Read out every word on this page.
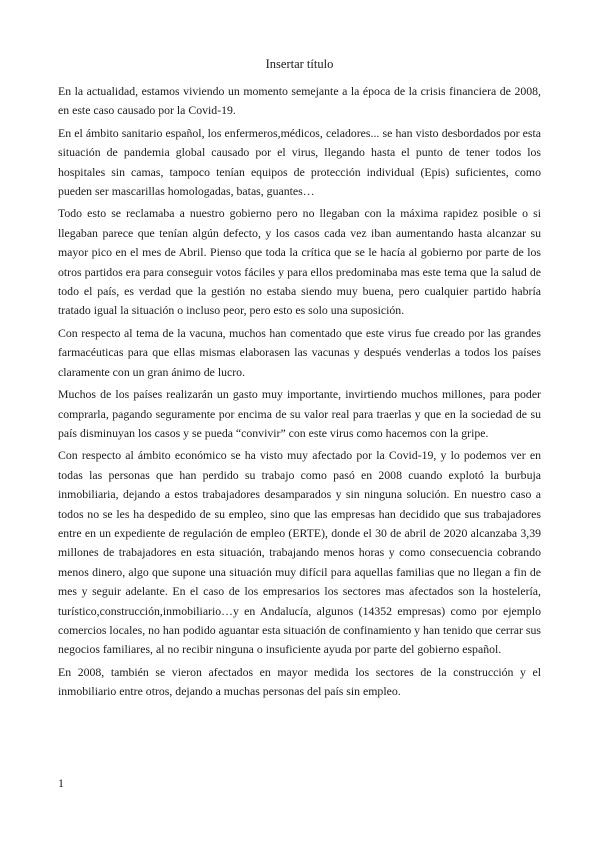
Insertar título

En la actualidad, estamos viviendo un momento semejante a la época de la crisis financiera de 2008, en este caso causado por la Covid-19.

En el ámbito sanitario español, los enfermeros,médicos, celadores... se han visto desbordados por esta situación de pandemia global causado por el virus, llegando hasta el punto de tener todos los hospitales sin camas, tampoco tenían equipos de protección individual (Epis) suficientes, como pueden ser mascarillas homologadas, batas, guantes…

Todo esto se reclamaba a nuestro gobierno pero no llegaban con la máxima rapidez posible o si llegaban parece que tenían algún defecto, y los casos cada vez iban aumentando hasta alcanzar su mayor pico en el mes de Abril. Pienso que toda la crítica que se le hacía al gobierno por parte de los otros partidos era para conseguir votos fáciles y para ellos predominaba mas este tema que la salud de todo el país, es verdad que la gestión no estaba siendo muy buena, pero cualquier partido habría tratado igual la situación o incluso peor, pero esto es solo una suposición.

Con respecto al tema de la vacuna, muchos han comentado que este virus fue creado por las grandes farmacéuticas para que ellas mismas elaborasen las vacunas y después venderlas a todos los países claramente con un gran ánimo de lucro.

Muchos de los países realizarán un gasto muy importante, invirtiendo muchos millones, para poder comprarla, pagando seguramente por encima de su valor real para traerlas y que en la sociedad de su país disminuyan los casos y se pueda “convivir” con este virus como hacemos con la gripe.

Con respecto al ámbito económico se ha visto muy afectado por la Covid-19, y lo podemos ver en todas las personas que han perdido su trabajo como pasó en 2008 cuando explotó la burbuja inmobiliaria, dejando a estos trabajadores desamparados y sin ninguna solución. En nuestro caso a todos no se les ha despedido de su empleo, sino que las empresas han decidido que sus trabajadores entre en un expediente de regulación de empleo (ERTE), donde el 30 de abril de 2020 alcanzaba 3,39 millones de trabajadores en esta situación, trabajando menos horas y como consecuencia cobrando menos dinero, algo que supone una situación muy difícil para aquellas familias que no llegan a fin de mes y seguir adelante. En el caso de los empresarios los sectores mas afectados son la hostelería, turístico,construcción,inmobiliario…y en Andalucía, algunos (14352 empresas) como por ejemplo comercios locales, no han podido aguantar esta situación de confinamiento y han tenido que cerrar sus negocios familiares, al no recibir ninguna o insuficiente ayuda por parte del gobierno español.

En 2008, también se vieron afectados en mayor medida los sectores de la construcción y el inmobiliario entre otros, dejando a muchas personas del país sin empleo.

1
